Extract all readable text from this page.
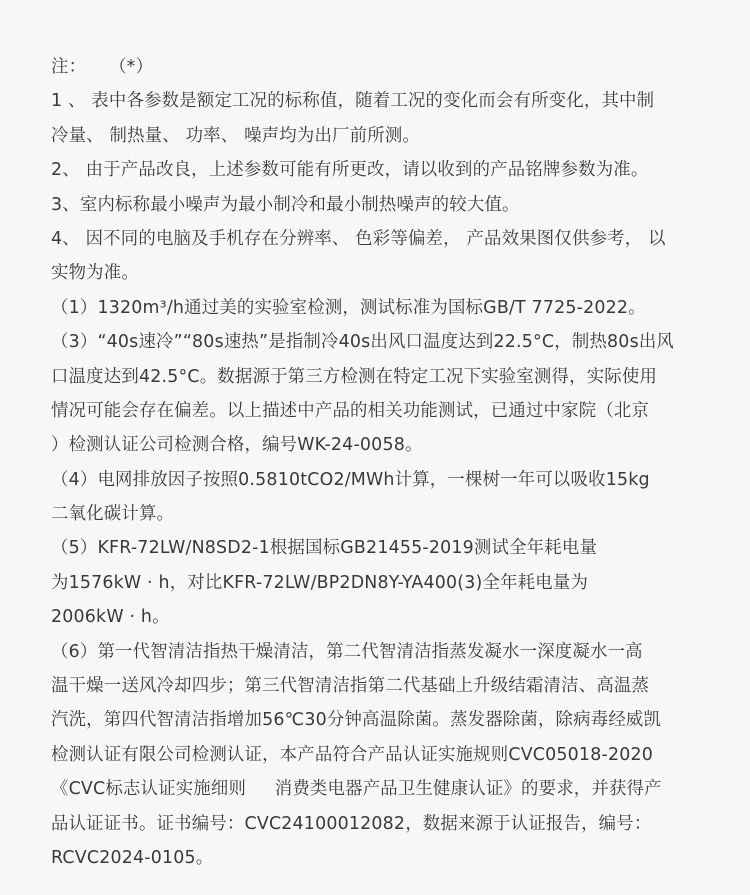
注：    （*）
1 、 表中各参数是额定工况的标称值，随着工况的变化而会有所变化，其中制
冷量、 制热量、 功率、 噪声均为出厂前所测。
2、 由于产品改良，上述参数可能有所更改，请以收到的产品铭牌参数为准。
3、室内标称最小噪声为最小制冷和最小制热噪声的较大值。
4、 因不同的电脑及手机存在分辨率、 色彩等偏差， 产品效果图仅供参考， 以
实物为准。
（1）1320m³/h通过美的实验室检测，测试标准为国标GB/T 7725-2022。
（3）“40s速冷”“80s速热”是指制冷40s出风口温度达到22.5°C，制热80s出风
口温度达到42.5°C。数据源于第三方检测在特定工况下实验室测得，实际使用
情况可能会存在偏差。以上描述中产品的相关功能测试，已通过中家院（北京
）检测认证公司检测合格，编号WK-24-0058。
（4）电网排放因子按照0.5810tCO2/MWh计算，一棵树一年可以吸收15kg
二氧化碳计算。
（5）KFR-72LW/N8SD2-1根据国标GB21455-2019测试全年耗电量
为1576kW · h，对比KFR-72LW/BP2DN8Y-YA400(3)全年耗电量为
2006kW · h。
（6）第一代智清洁指热干燥清洁，第二代智清洁指蒸发凝水一深度凝水一高
温干燥一送风冷却四步；第三代智清洁指第二代基础上升级结霜清洁、高温蒸
汽洗，第四代智清洁指增加56℃30分钟高温除菌。蒸发器除菌，除病毒经威凯
检测认证有限公司检测认证，本产品符合产品认证实施规则CVC05018-2020
《CVC标志认证实施细则     消费类电器产品卫生健康认证》的要求，并获得产
品认证证书。证书编号：CVC24100012082，数据来源于认证报告，编号：
RCVC2024-0105。
